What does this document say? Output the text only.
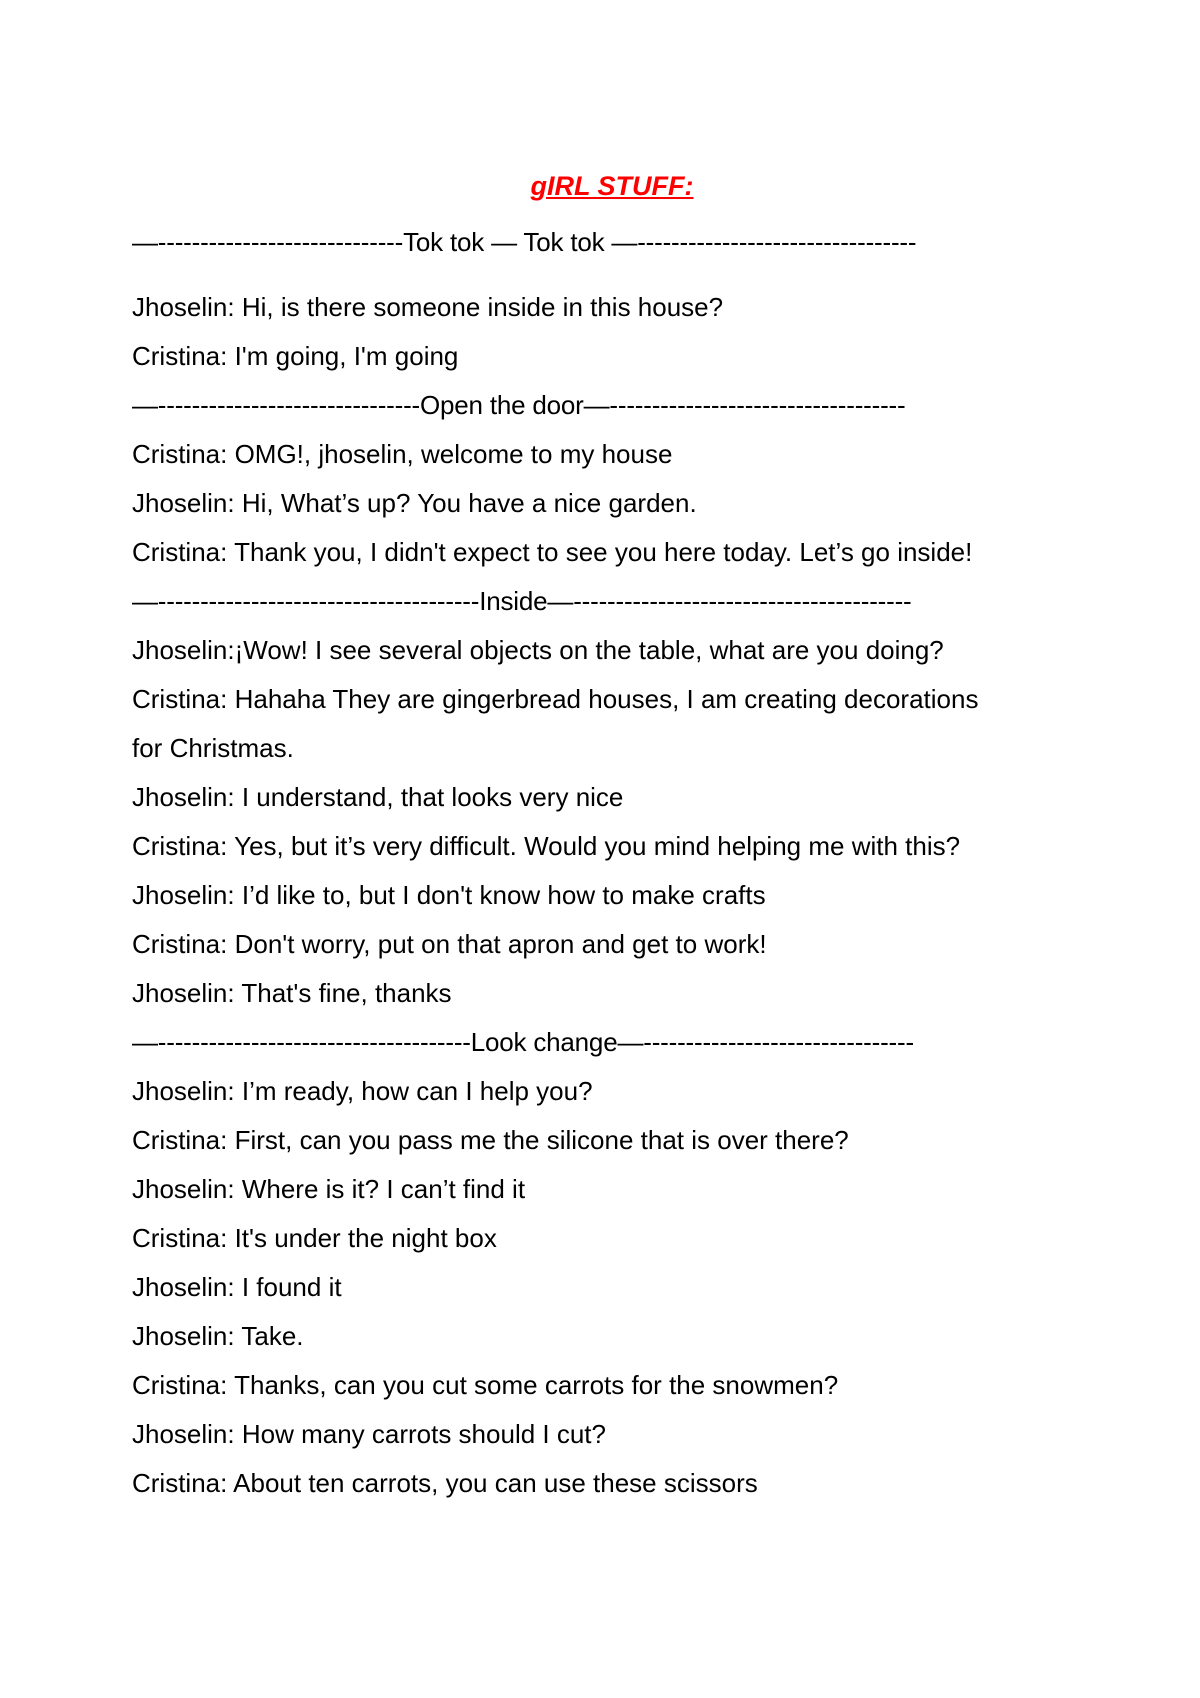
gIRL STUFF:
—-----------------------------Tok tok — Tok tok —---------------------------------
Jhoselin: Hi, is there someone inside in this house?
Cristina: I'm going, I'm going
—-------------------------------Open the door—-----------------------------------
Cristina: OMG!, jhoselin, welcome to my house
Jhoselin: Hi, What’s up? You have a nice garden.
Cristina: Thank you, I didn't expect to see you here today. Let’s go inside!
—--------------------------------------Inside—----------------------------------------
Jhoselin:¡Wow! I see several objects on the table, what are you doing?
Cristina: Hahaha They are gingerbread houses, I am creating decorations
for Christmas.
Jhoselin: I understand, that looks very nice
Cristina: Yes, but it’s very difficult. Would you mind helping me with this?
Jhoselin: I’d like to, but I don't know how to make crafts
Cristina: Don't worry, put on that apron and get to work!
Jhoselin: That's fine, thanks
—-------------------------------------Look change—--------------------------------
Jhoselin: I’m ready, how can I help you?
Cristina: First, can you pass me the silicone that is over there?
Jhoselin: Where is it? I can’t find it
Cristina: It's under the night box
Jhoselin: I found it
Jhoselin: Take.
Cristina: Thanks, can you cut some carrots for the snowmen?
Jhoselin: How many carrots should I cut?
Cristina: About ten carrots, you can use these scissors
